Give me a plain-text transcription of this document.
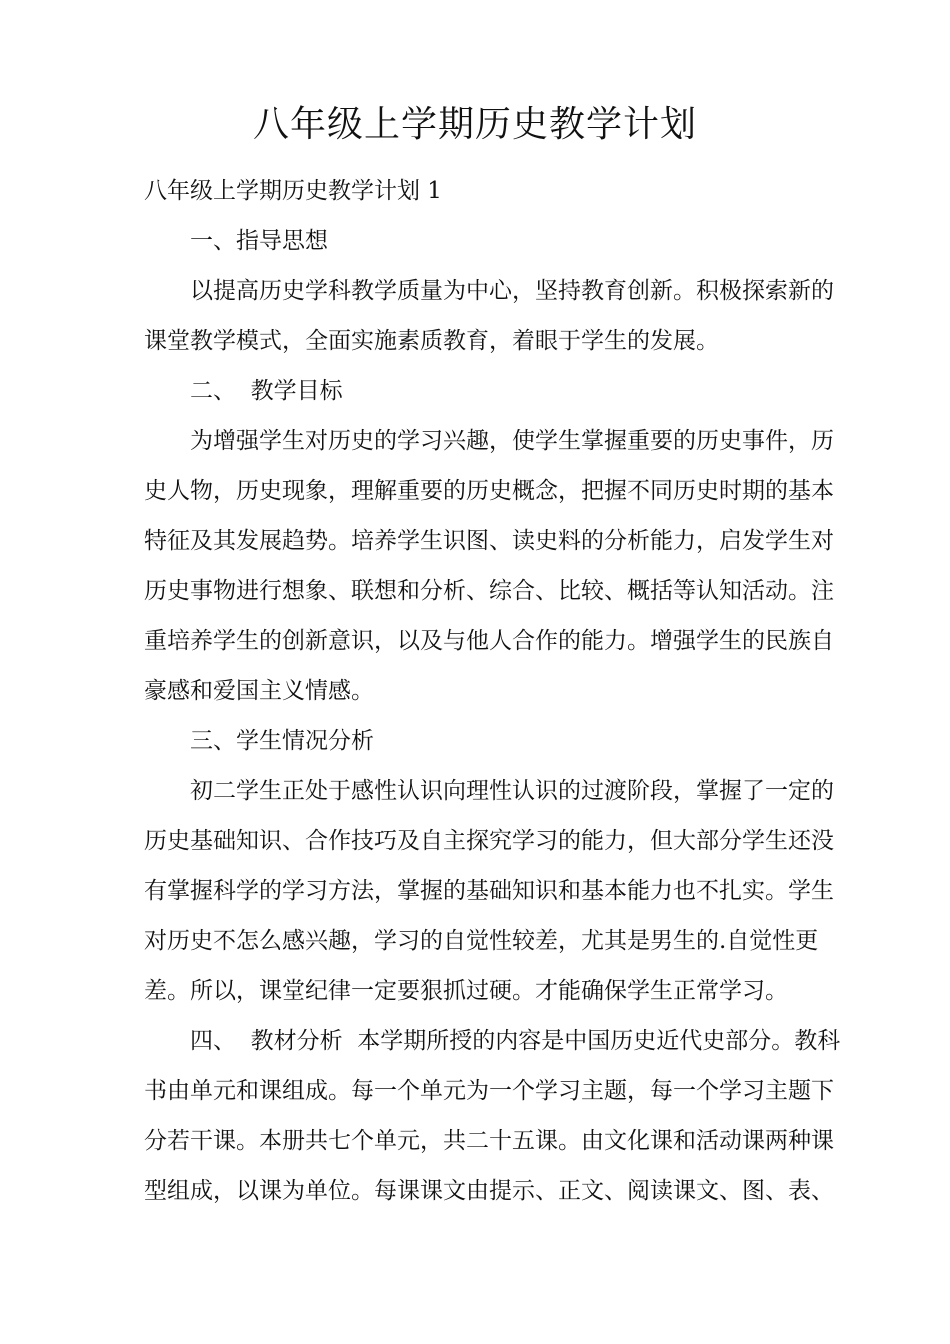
八年级上学期历史教学计划
八年级上学期历史教学计划 1
一、指导思想
以提高历史学科教学质量为中心，坚持教育创新。积极探索新的
课堂教学模式，全面实施素质教育，着眼于学生的发展。
二、  教学目标
为增强学生对历史的学习兴趣，使学生掌握重要的历史事件，历
史人物，历史现象，理解重要的历史概念，把握不同历史时期的基本
特征及其发展趋势。培养学生识图、读史料的分析能力，启发学生对
历史事物进行想象、联想和分析、综合、比较、概括等认知活动。注
重培养学生的创新意识，以及与他人合作的能力。增强学生的民族自
豪感和爱国主义情感。
三、学生情况分析
初二学生正处于感性认识向理性认识的过渡阶段，掌握了一定的
历史基础知识、合作技巧及自主探究学习的能力，但大部分学生还没
有掌握科学的学习方法，掌握的基础知识和基本能力也不扎实。学生
对历史不怎么感兴趣，学习的自觉性较差，尤其是男生的.自觉性更
差。所以，课堂纪律一定要狠抓过硬。才能确保学生正常学习。
四、  教材分析  本学期所授的内容是中国历史近代史部分。教科
书由单元和课组成。每一个单元为一个学习主题，每一个学习主题下
分若干课。本册共七个单元，共二十五课。由文化课和活动课两种课
型组成，以课为单位。每课课文由提示、正文、阅读课文、图、表、
